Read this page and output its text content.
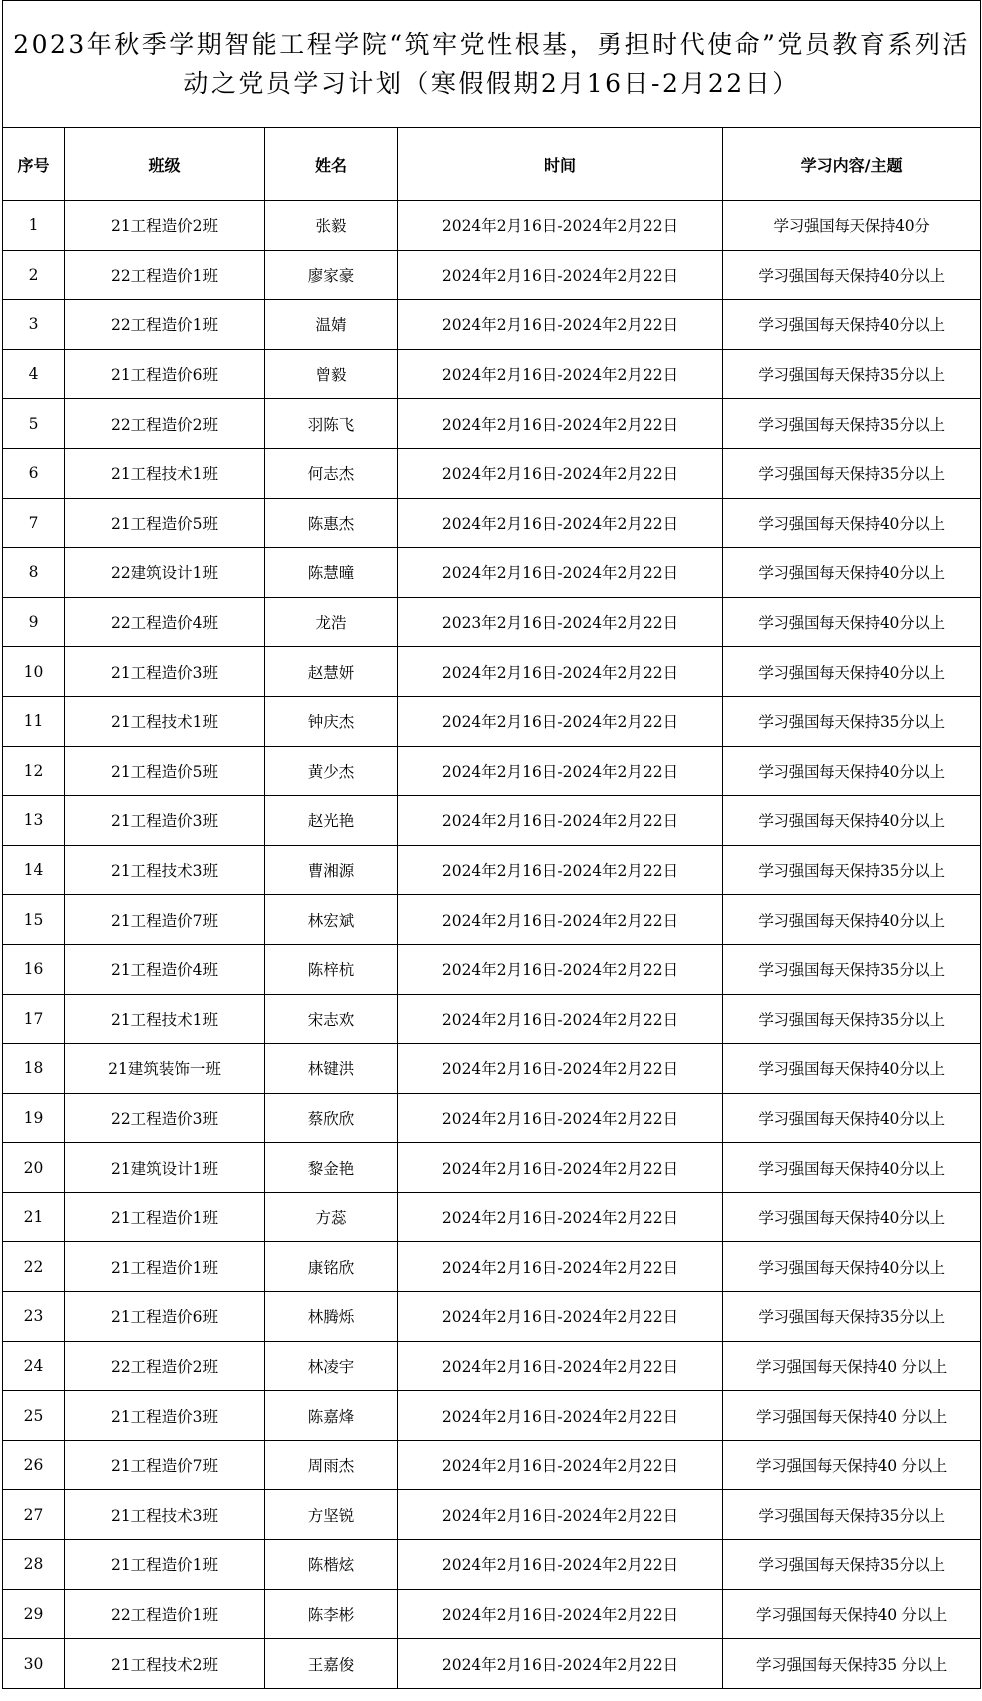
2023年秋季学期智能工程学院“筑牢党性根基，勇担时代使命”党员教育系列活动之党员学习计划（寒假假期2月16日-2月22日）				
序号	班级	姓名	时间	学习内容/主题
1	21工程造价2班	张毅	2024年2月16日-2024年2月22日	学习强国每天保持40分
2	22工程造价1班	廖家豪	2024年2月16日-2024年2月22日	学习强国每天保持40分以上
3	22工程造价1班	温婧	2024年2月16日-2024年2月22日	学习强国每天保持40分以上
4	21工程造价6班	曾毅	2024年2月16日-2024年2月22日	学习强国每天保持35分以上
5	22工程造价2班	羽陈飞	2024年2月16日-2024年2月22日	学习强国每天保持35分以上
6	21工程技术1班	何志杰	2024年2月16日-2024年2月22日	学习强国每天保持35分以上
7	21工程造价5班	陈惠杰	2024年2月16日-2024年2月22日	学习强国每天保持40分以上
8	22建筑设计1班	陈慧曈	2024年2月16日-2024年2月22日	学习强国每天保持40分以上
9	22工程造价4班	龙浩	2023年2月16日-2024年2月22日	学习强国每天保持40分以上
10	21工程造价3班	赵慧妍	2024年2月16日-2024年2月22日	学习强国每天保持40分以上
11	21工程技术1班	钟庆杰	2024年2月16日-2024年2月22日	学习强国每天保持35分以上
12	21工程造价5班	黄少杰	2024年2月16日-2024年2月22日	学习强国每天保持40分以上
13	21工程造价3班	赵光艳	2024年2月16日-2024年2月22日	学习强国每天保持40分以上
14	21工程技术3班	曹湘源	2024年2月16日-2024年2月22日	学习强国每天保持35分以上
15	21工程造价7班	林宏斌	2024年2月16日-2024年2月22日	学习强国每天保持40分以上
16	21工程造价4班	陈梓杭	2024年2月16日-2024年2月22日	学习强国每天保持35分以上
17	21工程技术1班	宋志欢	2024年2月16日-2024年2月22日	学习强国每天保持35分以上
18	21建筑装饰一班	林键洪	2024年2月16日-2024年2月22日	学习强国每天保持40分以上
19	22工程造价3班	蔡欣欣	2024年2月16日-2024年2月22日	学习强国每天保持40分以上
20	21建筑设计1班	黎金艳	2024年2月16日-2024年2月22日	学习强国每天保持40分以上
21	21工程造价1班	方蕊	2024年2月16日-2024年2月22日	学习强国每天保持40分以上
22	21工程造价1班	康铭欣	2024年2月16日-2024年2月22日	学习强国每天保持40分以上
23	21工程造价6班	林腾烁	2024年2月16日-2024年2月22日	学习强国每天保持35分以上
24	22工程造价2班	林凌宇	2024年2月16日-2024年2月22日	学习强国每天保持40 分以上
25	21工程造价3班	陈嘉烽	2024年2月16日-2024年2月22日	学习强国每天保持40 分以上
26	21工程造价7班	周雨杰	2024年2月16日-2024年2月22日	学习强国每天保持40 分以上
27	21工程技术3班	方坚锐	2024年2月16日-2024年2月22日	学习强国每天保持35分以上
28	21工程造价1班	陈楷炫	2024年2月16日-2024年2月22日	学习强国每天保持35分以上
29	22工程造价1班	陈李彬	2024年2月16日-2024年2月22日	学习强国每天保持40 分以上
30	21工程技术2班	王嘉俊	2024年2月16日-2024年2月22日	学习强国每天保持35 分以上
